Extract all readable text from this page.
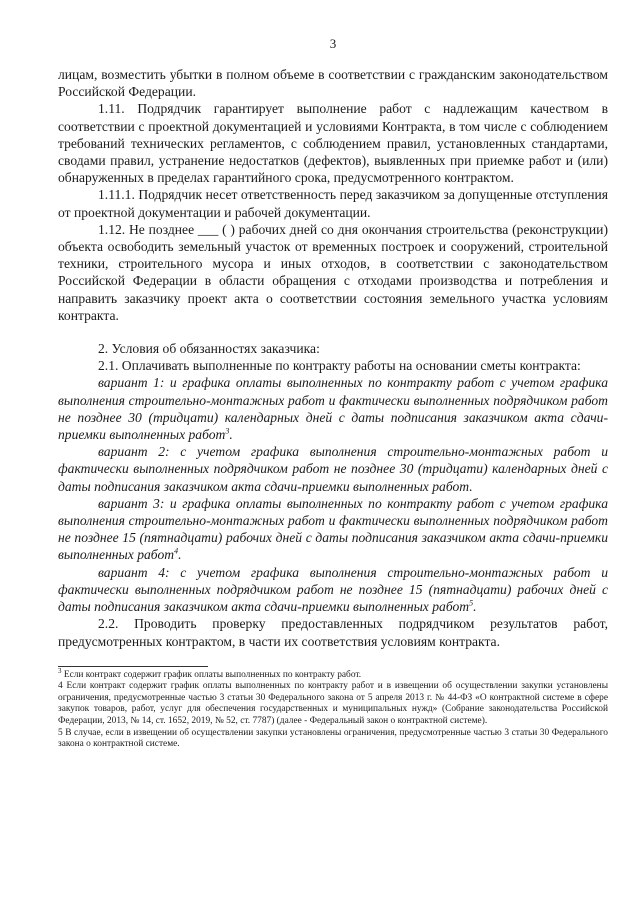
3

лицам, возместить убытки в полном объеме в соответствии с гражданским законодательством Российской Федерации.

1.11. Подрядчик гарантирует выполнение работ с надлежащим качеством в соответствии с проектной документацией и условиями Контракта, в том числе с соблюдением требований технических регламентов, с соблюдением правил, установленных стандартами, сводами правил, устранение недостатков (дефектов), выявленных при приемке работ и (или) обнаруженных в пределах гарантийного срока, предусмотренного контрактом.

1.11.1. Подрядчик несет ответственность перед заказчиком за допущенные отступления от проектной документации и рабочей документации.

1.12. Не позднее ___ ( ) рабочих дней со дня окончания строительства (реконструкции) объекта освободить земельный участок от временных построек и сооружений, строительной техники, строительного мусора и иных отходов, в соответствии с законодательством Российской Федерации в области обращения с отходами производства и потребления и направить заказчику проект акта о соответствии состояния земельного участка условиям контракта.

2. Условия об обязанностях заказчика:

2.1. Оплачивать выполненные по контракту работы на основании сметы контракта:

вариант 1: и графика оплаты выполненных по контракту работ с учетом графика выполнения строительно-монтажных работ и фактически выполненных подрядчиком работ не позднее 30 (тридцати) календарных дней с даты подписания заказчиком акта сдачи-приемки выполненных работ$^3$.

вариант 2: с учетом графика выполнения строительно-монтажных работ и фактически выполненных подрядчиком работ не позднее 30 (тридцати) календарных дней с даты подписания заказчиком акта сдачи-приемки выполненных работ.

вариант 3: и графика оплаты выполненных по контракту работ с учетом графика выполнения строительно-монтажных работ и фактически выполненных подрядчиком работ не позднее 15 (пятнадцати) рабочих дней с даты подписания заказчиком акта сдачи-приемки выполненных работ$^4$.

вариант 4: с учетом графика выполнения строительно-монтажных работ и фактически выполненных подрядчиком работ не позднее 15 (пятнадцати) рабочих дней с даты подписания заказчиком акта сдачи-приемки выполненных работ$^5$.

2.2. Проводить проверку предоставленных подрядчиком результатов работ, предусмотренных контрактом, в части их соответствия условиям контракта.

$^3$ Если контракт содержит график оплаты выполненных по контракту работ.

4 Если контракт содержит график оплаты выполненных по контракту работ и в извещении об осуществлении закупки установлены ограничения, предусмотренные частью 3 статьи 30 Федерального закона от 5 апреля 2013 г. № 44-ФЗ «О контрактной системе в сфере закупок товаров, работ, услуг для обеспечения государственных и муниципальных нужд» (Собрание законодательства Российской Федерации, 2013, № 14, ст. 1652, 2019, № 52, ст. 7787) (далее - Федеральный закон о контрактной системе).

5 В случае, если в извещении об осуществлении закупки установлены ограничения, предусмотренные частью 3 статьи 30 Федерального закона о контрактной системе.
